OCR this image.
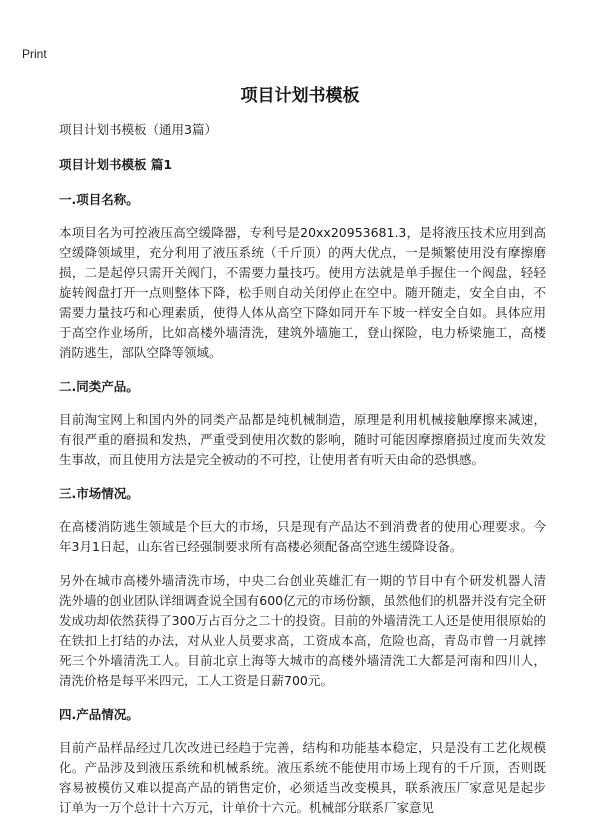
Print
项目计划书模板

项目计划书模板（通用3篇）

项目计划书模板 篇1

一.项目名称。

本项目名为可控液压高空缓降器，专利号是20xx20953681.3，是将液压技术应用到高空缓降领域里，充分利用了液压系统（千斤顶）的两大优点，一是频繁使用没有摩擦磨损，二是起停只需开关阀门，不需要力量技巧。使用方法就是单手握住一个阀盘，轻轻旋转阀盘打开一点则整体下降，松手则自动关闭停止在空中。随开随走，安全自由，不需要力量技巧和心理素质，使得人体从高空下降如同开车下坡一样安全自如。具体应用于高空作业场所，比如高楼外墙清洗，建筑外墙施工，登山探险，电力桥梁施工，高楼消防逃生，部队空降等领域。

二.同类产品。

目前淘宝网上和国内外的同类产品都是纯机械制造，原理是利用机械接触摩擦来减速，有很严重的磨损和发热，严重受到使用次数的影响，随时可能因摩擦磨损过度而失效发生事故，而且使用方法是完全被动的不可控，让使用者有听天由命的恐惧感。

三.市场情况。

在高楼消防逃生领域是个巨大的市场，只是现有产品达不到消费者的使用心理要求。今年3月1日起，山东省已经强制要求所有高楼必须配备高空逃生缓降设备。

另外在城市高楼外墙清洗市场，中央二台创业英雄汇有一期的节目中有个研发机器人清洗外墙的创业团队详细调查说全国有600亿元的市场份额，虽然他们的机器并没有完全研发成功却依然获得了300万占百分之二十的投资。目前的外墙清洗工人还是使用很原始的在铁扣上打结的办法，对从业人员要求高，工资成本高，危险也高，青岛市曾一月就摔死三个外墙清洗工人。目前北京上海等大城市的高楼外墙清洗工大都是河南和四川人，清洗价格是每平米四元，工人工资是日薪700元。

四.产品情况。

目前产品样品经过几次改进已经趋于完善，结构和功能基本稳定，只是没有工艺化规模化。产品涉及到液压系统和机械系统。液压系统不能使用市场上现有的千斤顶，否则既容易被模仿又难以提高产品的销售定价，必须适当改变模具，联系液压厂家意见是起步订单为一万个总计十六万元，计单价十六元。机械部分联系厂家意见
